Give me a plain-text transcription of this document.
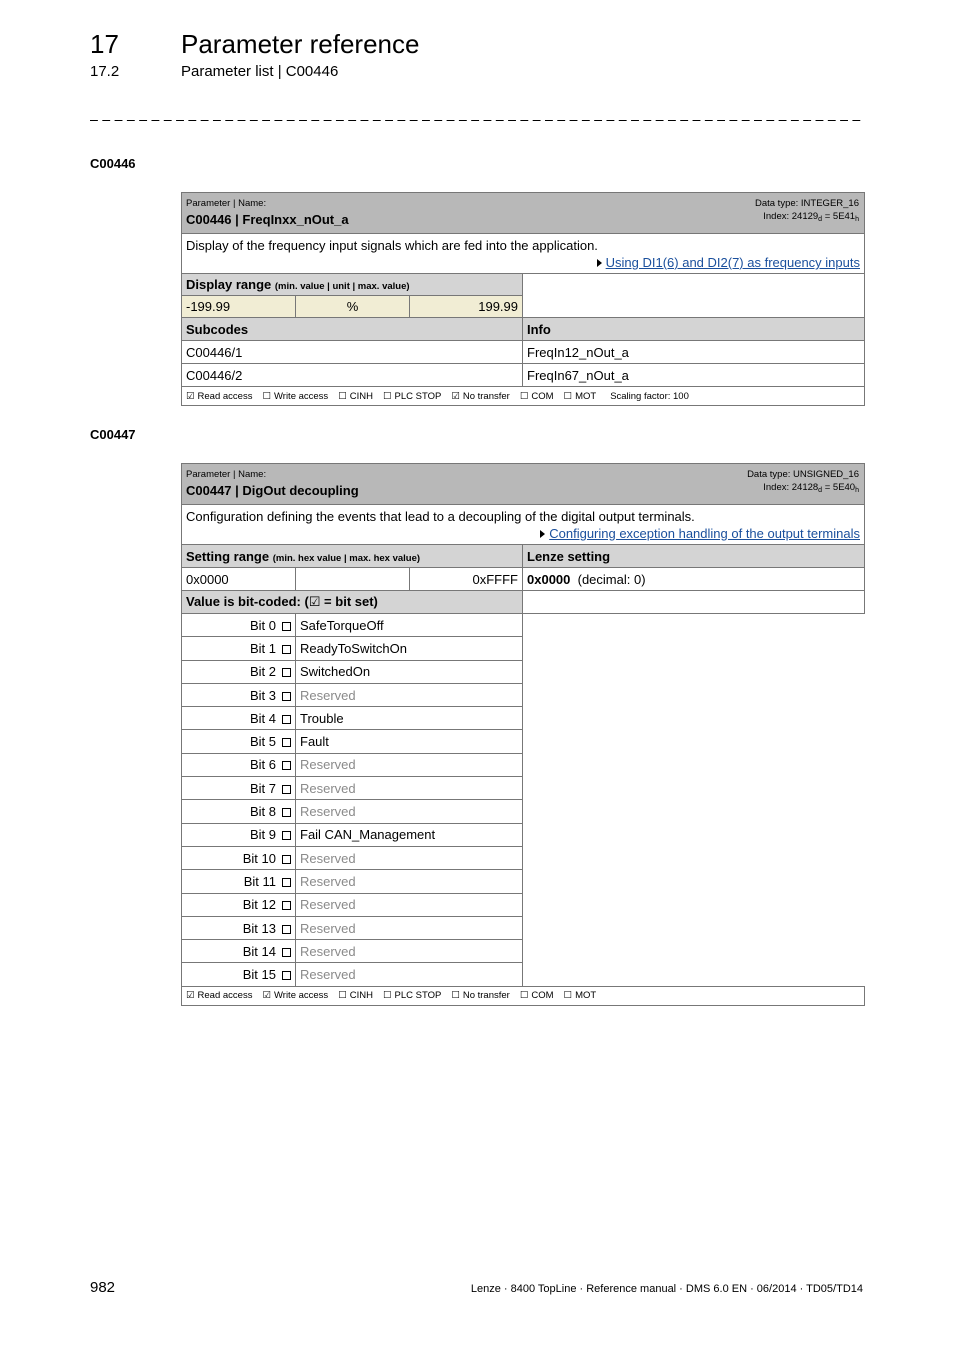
17 Parameter reference
17.2	Parameter list | C00446
C00446
Parameter | Name:
C00446 | FreqInxx_nOut_a
Data type: INTEGER_16
Index: $24129_d = 5E41_h$

Display of the frequency input signals which are fed into the application.
Using DI1(6) and DI2(7) as frequency inputs			

Display range (min. value | unit | max. value)			
-199.99	%	199.99	
Subcodes			Info
C00446/1			FreqIn12_nOut_a
C00446/2			FreqIn67_nOut_a
☑ Read access ☐ Write access ☐ CINH ☐ PLC STOP ☑ No transfer ☐ COM ☐ MOT Scaling factor: 100			
C00447
Parameter | Name:
C00447 | DigOut decoupling
Data type: UNSIGNED_16
Index: $24128_d = 5E40_h$

Configuration defining the events that lead to a decoupling of the digital output terminals.
Configuring exception handling of the output terminals			

Setting range (min. hex value | max. hex value)			Lenze setting
0x0000		0xFFFF	0x0000 (decimal: 0)
Value is bit-coded: (☑ = bit set)			
Bit 0	SafeTorqueOff		
Bit 1	ReadyToSwitchOn		
Bit 2	SwitchedOn		
Bit 3	Reserved		
Bit 4	Trouble		
Bit 5	Fault		
Bit 6	Reserved		
Bit 7	Reserved		
Bit 8	Reserved		
Bit 9	Fail CAN_Management		
Bit 10	Reserved		
Bit 11	Reserved		
Bit 12	Reserved		
Bit 13	Reserved		
Bit 14	Reserved		
Bit 15	Reserved		
☑ Read access ☑ Write access ☐ CINH ☐ PLC STOP ☐ No transfer ☐ COM ☐ MOT			
982	Lenze · 8400 TopLine · Reference manual · DMS 6.0 EN · 06/2014 · TD05/TD14
